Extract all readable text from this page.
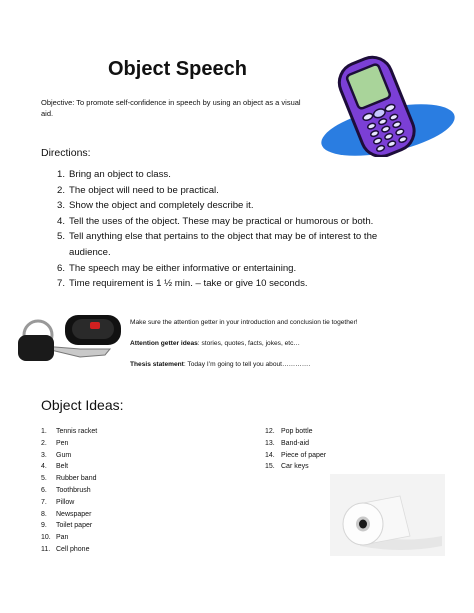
Object Speech
Objective: To promote self-confidence in speech by using an object as a visual aid.
Directions:
1. Bring an object to class.
2. The object will need to be practical.
3. Show the object and completely describe it.
4. Tell the uses of the object. These may be practical or humorous or both.
5. Tell anything else that pertains to the object that may be of interest to the audience.
6. The speech may be either informative or entertaining.
7. Time requirement is 1 ½ min. – take or give 10 seconds.

Make sure the attention getter in your introduction and conclusion tie together!

Attention getter ideas: stories, quotes, facts, jokes, etc…

Thesis statement: Today I’m going to tell you about………….

Object Ideas:
1.	Tennis racket
2.	Pen
3.	Gum
4.	Belt
5.	Rubber band
6.	Toothbrush
7.	Pillow
8.	Newspaper
9.	Toilet paper
10. Pan
11. Cell phone
12. Pop bottle
13. Band-aid
14. Piece of paper
15. Car keys
